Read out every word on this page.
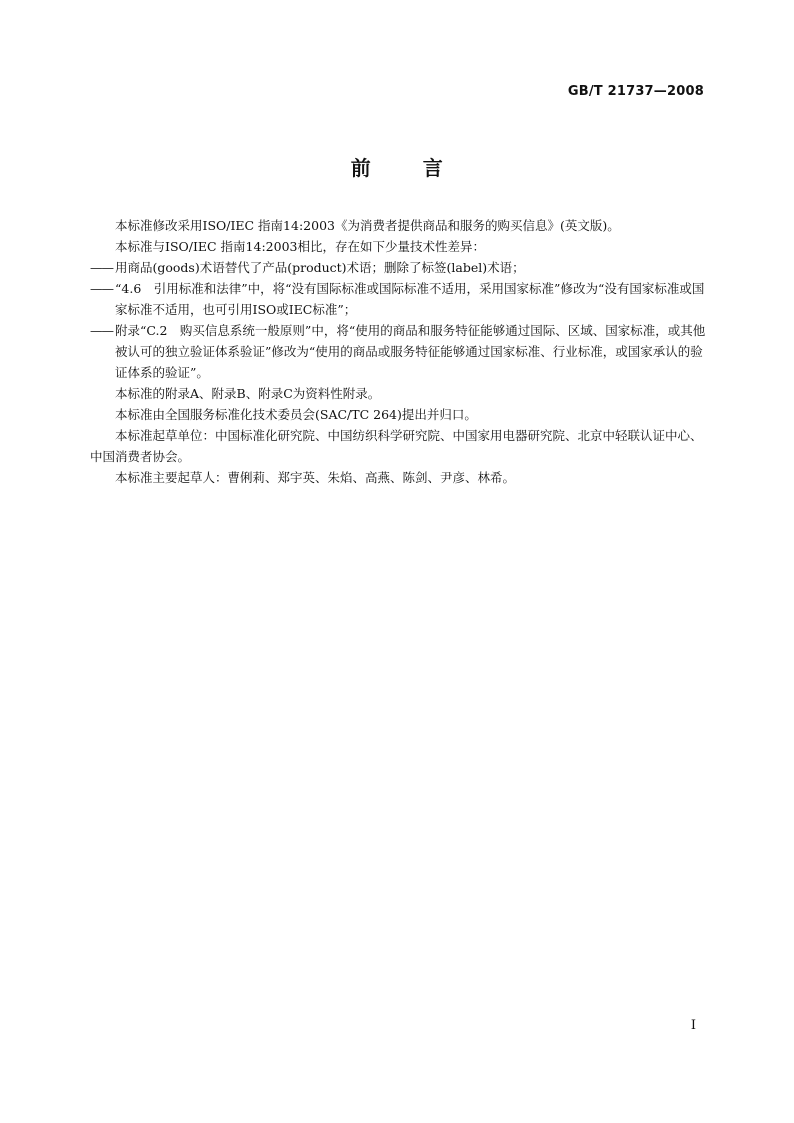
GB/T 21737—2008
前 言

本标准修改采用ISO/IEC 指南14:2003《为消费者提供商品和服务的购买信息》(英文版)。

本标准与ISO/IEC 指南14:2003相比，存在如下少量技术性差异：

—— 用商品(goods)术语替代了产品(product)术语；删除了标签(label)术语；

—— “4.6　引用标准和法律”中，将“没有国际标准或国际标准不适用，采用国家标准”修改为“没有国家标准或国家标准不适用，也可引用ISO或IEC标准”；

—— 附录“C.2　购买信息系统一般原则”中，将“使用的商品和服务特征能够通过国际、区域、国家标准，或其他被认可的独立验证体系验证”修改为“使用的商品或服务特征能够通过国家标准、行业标准，或国家承认的验证体系的验证”。

本标准的附录A、附录B、附录C为资料性附录。

本标准由全国服务标准化技术委员会(SAC/TC 264)提出并归口。

本标准起草单位：中国标准化研究院、中国纺织科学研究院、中国家用电器研究院、北京中轻联认证中心、中国消费者协会。

本标准主要起草人：曹俐莉、郑宇英、朱焰、高燕、陈剑、尹彦、林希。

I
